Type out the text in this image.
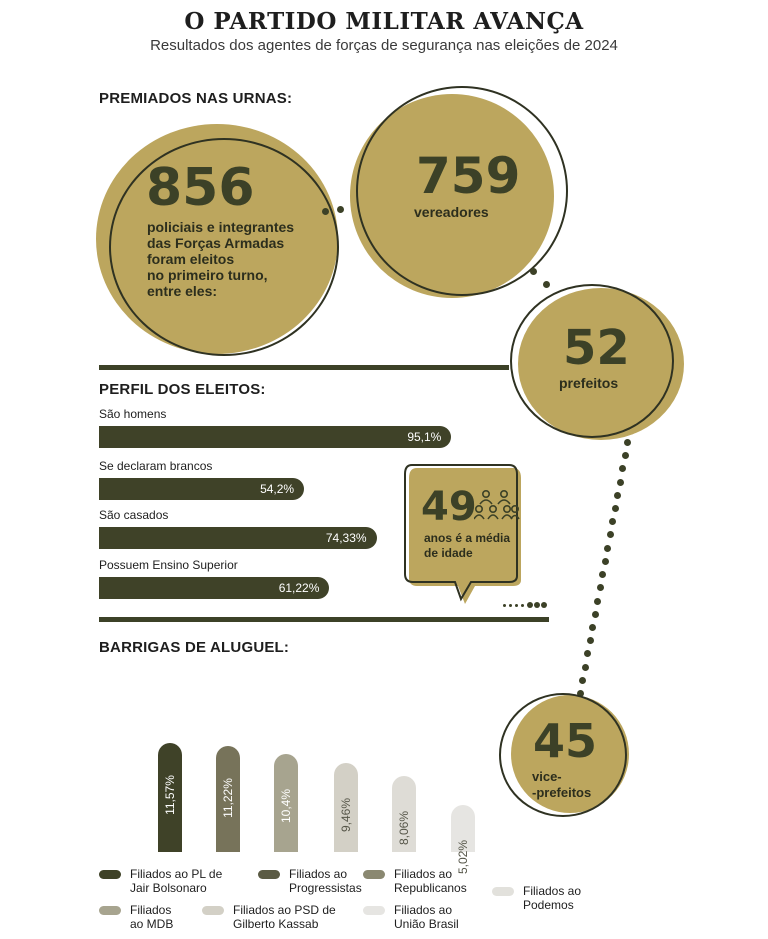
O PARTIDO MILITAR AVANÇA
Resultados dos agentes de forças de segurança nas eleições de 2024
PREMIADOS NAS URNAS:
856
policiais e integrantes
das Forças Armadas
foram eleitos
no primeiro turno,
entre eles:
759
vereadores
52
prefeitos
45
vice-
-prefeitos
PERFIL DOS ELEITOS:
São homens
95,1%
Se declaram brancos
54,2%
São casados
74,33%
Possuem Ensino Superior
61,22%
49
anos é a média
de idade
BARRIGAS DE ALUGUEL:
11,57%	11,22%	10,4%	9,46%	8,06%
5,02%
Filiados ao PL de
Jair Bolsonaro
Filiados ao
Progressistas
Filiados ao
Republicanos	Filiados ao
Podemos
Filiados
ao MDB
Filiados ao PSD de
Gilberto Kassab
Filiados ao
União Brasil
